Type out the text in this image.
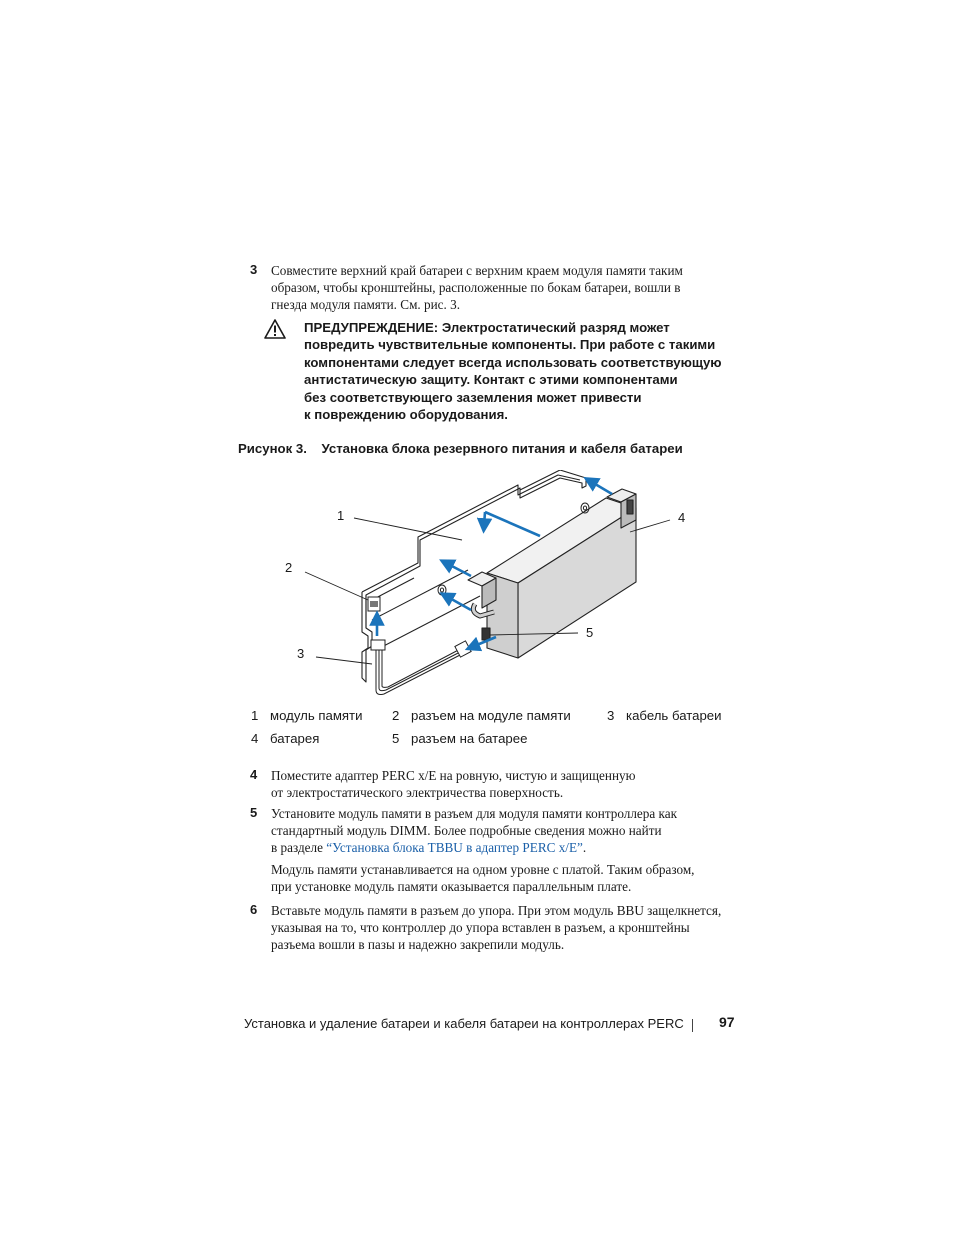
3 Совместите верхний край батареи с верхним краем модуля памяти таким

образом, чтобы кронштейны, расположенные по бокам батареи, вошли в

гнезда модуля памяти. См. рис. 3.

ПРЕДУПРЕЖДЕНИЕ: Электростатический разряд может
повредить чувствительные компоненты. При работе с такими
компонентами следует всегда использовать соответствующую
антистатическую защиту. Контакт с этими компонентами
без соответствующего заземления может привести
к повреждению оборудования.
Рисунок 3.    Установка блока резервного питания и кабеля батареи
1
2
3
4
5
1 модуль памяти 2 разъем на модуле памяти	3 кабель батареи
4 батарея	5 разъем на батарее
4 Поместите адаптер PERC x/E на ровную, чистую и защищенную

от электростатического электричества поверхность.

5 Установите модуль памяти в разъем для модуля памяти контроллера как

стандартный модуль DIMM. Более подробные сведения можно найти

в разделе “Установка блока TBBU в адаптер PERC x/E”.

Модуль памяти устанавливается на одном уровне с платой. Таким образом,

при установке модуль памяти оказывается параллельным плате.

6 Вставьте модуль памяти в разъем до упора. При этом модуль BBU защелкнется,

указывая на то, что контроллер до упора вставлен в разъем, а кронштейны

разъема вошли в пазы и надежно закрепили модуль.

Установка и удаление батареи и кабеля батареи на контроллерах PERC	97
